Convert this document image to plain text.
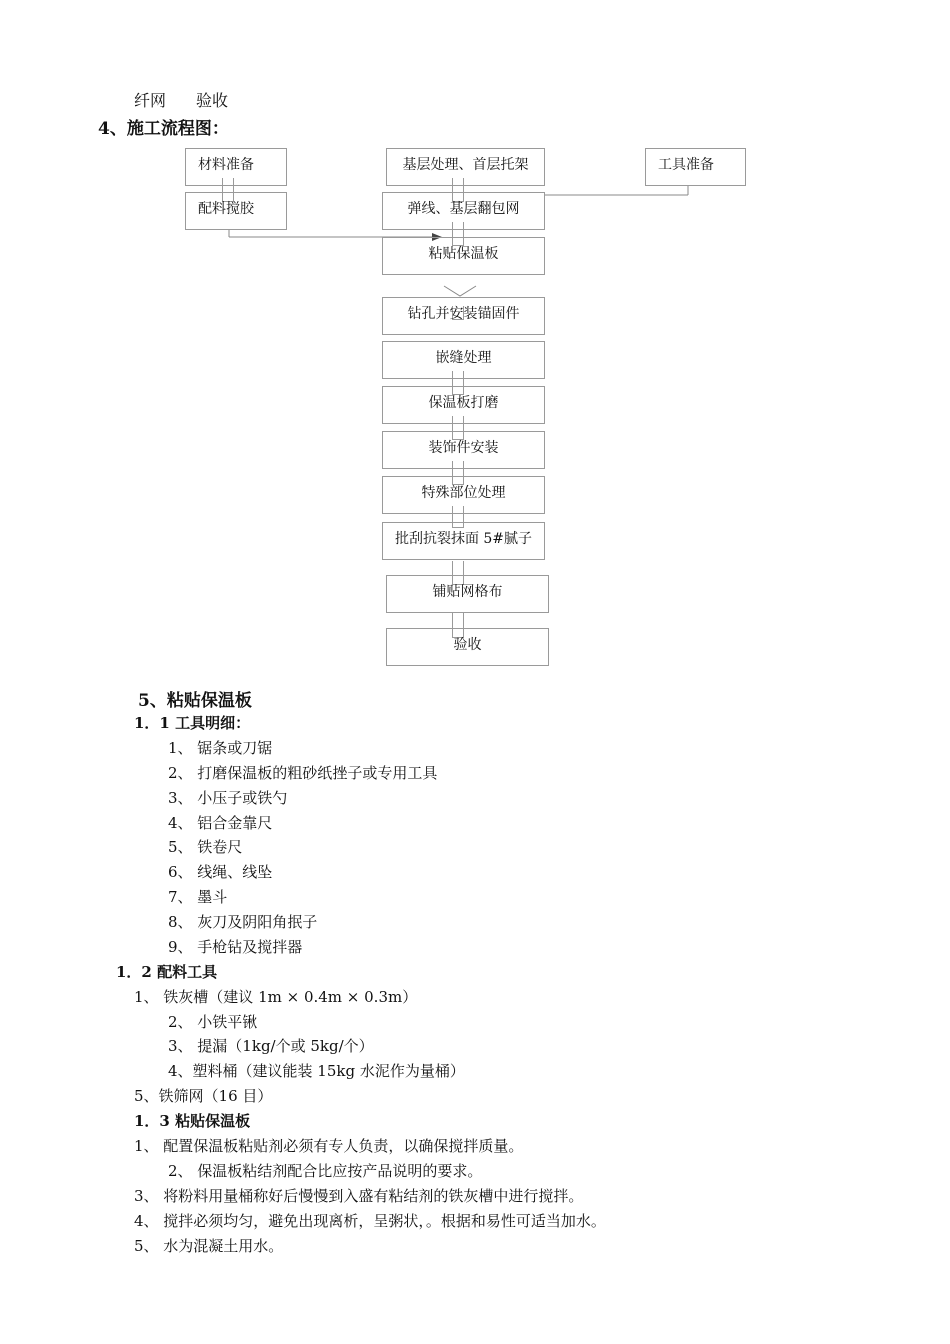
纤网 验收
4、施工流程图：
材料准备	基层处理、首层托架	工具准备
配料搅胶	弹线、基层翻包网
粘贴保温板
钻孔并安装锚固件
嵌缝处理
保温板打磨
装饰件安装
特殊部位处理
批刮抗裂抹面 5#腻子
铺贴网格布
验收
5、粘贴保温板
1．1 工具明细：
1、 锯条或刀锯
2、 打磨保温板的粗砂纸挫子或专用工具
3、 小压子或铁勺
4、 铝合金靠尺
5、 铁卷尺
6、 线绳、线坠
7、 墨斗
8、 灰刀及阴阳角抿子
9、 手枪钻及搅拌器
1．2 配料工具
1、 铁灰槽（建议 1m × 0.4m × 0.3m）
2、 小铁平锹
3、 提漏（1kg/个或 5kg/个）
4、塑料桶（建议能装 15kg 水泥作为量桶）
5、铁筛网（16 目）
1．3 粘贴保温板
1、 配置保温板粘贴剂必须有专人负责，以确保搅拌质量。
2、 保温板粘结剂配合比应按产品说明的要求。
3、 将粉料用量桶称好后慢慢到入盛有粘结剂的铁灰槽中进行搅拌。
4、 搅拌必须均匀，避免出现离析，呈粥状，。根据和易性可适当加水。
5、 水为混凝土用水。
